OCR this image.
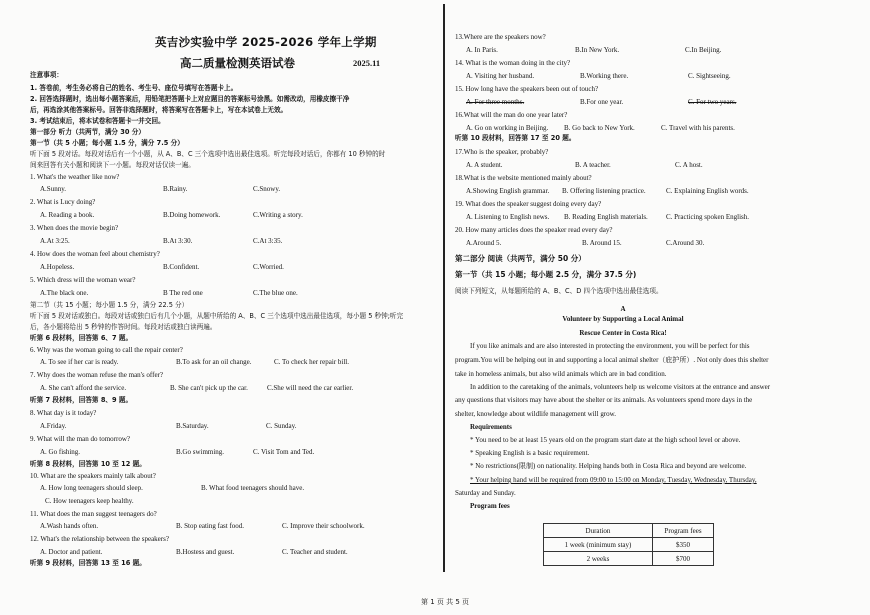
英吉沙实验中学 2025-2026 学年上学期
高二质量检测英语试卷	2025.11
注意事项：
1. 答卷前，考生务必将自己的姓名、考生号、座位号填写在答题卡上。
2. 回答选择题时，选出每小题答案后，用铅笔把答题卡上对应题目的答案标号涂黑。如需改动，用橡皮擦干净
后，再选涂其他答案标号。回答非选择题时，将答案写在答题卡上，写在本试卷上无效。
3. 考试结束后，将本试卷和答题卡一并交回。
第一部分 听力（共两节，满分 30 分）
第一节（共 5 小题；每小题 1.5 分，满分 7.5 分）
听下面 5 段对话。每段对话后有一个小题，从 A、B、C 三个选项中选出最佳选项。听完每段对话后，你都有 10 秒钟的时
间来回答有关小题和阅读下一小题。每段对话仅读一遍。
1. What's the weather like now?
A.Sunny.	B.Rainy.	C.Snowy.
2. What is Lucy doing?
A. Reading a book.	B.Doing homework.	C.Writing a story.
3. When does the movie begin?
A.At 3:25.	B.At 3:30.	C.At 3:35.
4. How does the woman feel about chemistry?
A.Hopeless.	B.Confident.	C.Worried.
5. Which dress will the woman wear?
A.The black one.	B The red one	C.The blue one.
第二节（共 15 小题；每小题 1.5 分，满分 22.5 分）
听下面 5 段对话或独白。每段对话或独白后有几个小题，从题中所给的 A、B、C 三个选项中选出最佳选项，每小题 5 秒钟;听完
后，各小题将给出 5 秒钟的作答时间。每段对话或独白读两遍。
听第 6 段材料，回答第 6、7 题。
6. Why was the woman going to call the repair center?
A. To see if her car is ready.	B.To ask for an oil change.	C. To check her repair bill.
7. Why does the woman refuse the man's offer?
A. She can't afford the service.	B. She can't pick up the car.	C.She will need the car earlier.
听第 7 段材料，回答第 8、9 题。
8. What day is it today?
A.Friday.	B.Saturday.	C. Sunday.
9. What will the man do tomorrow?
A. Go fishing.	B.Go swimming.	C. Visit Tom and Ted.
听第 8 段材料，回答第 10 至 12 题。
10. What are the speakers mainly talk about?
A. How long teenagers should sleep.	B. What food teenagers should have.
C. How teenagers keep healthy.
11. What does the man suggest teenagers do?
A.Wash hands often.	B. Stop eating fast food.	C. Improve their schoolwork.
12. What's the relationship between the speakers?
A. Doctor and patient.	B.Hostess and guest.	C. Teacher and student.
听第 9 段材料，回答第 13 至 16 题。
13.Where are the speakers now?
A. In Paris.	B.In New York.	C.In Beijing.
14. What is the woman doing in the city?
A. Visiting her husband.	B.Working there.	C. Sightseeing.
15. How long have the speakers been out of touch?
A. For three months.	B.For one year.	C. For two years.
16.What will the man do one year later?
A. Go on working in Beijing. B. Go back to New York.	C. Travel with his parents.
听第 10 段材料，回答第 17 至 20 题。
17.Who is the speaker, probably?
A. A student.	B. A teacher.	C. A host.
18.What is the website mentioned mainly about?
A.Showing English grammar. B. Offering listening practice.	C. Explaining English words.
19. What does the speaker suggest doing every day?
A. Listening to English news. B. Reading English materials.	C. Practicing spoken English.
20. How many articles does the speaker read every day?
A.Around 5.	B. Around 15.	C.Around 30.
第二部分 阅读（共两节，满分 50 分）
第一节（共 15 小题；每小题 2.5 分，满分 37.5 分)
阅读下列短文，从每题所给的 A、B、C、D 四个选项中选出最佳选项。
A
Volunteer by Supporting a Local Animal
Rescue Center in Costa Rica!
If you like animals and are also interested in protecting the environment, you will be perfect for this
program.You will be helping out in and supporting a local animal shelter（庇护所）. Not only does this shelter
take in homeless animals, but also wild animals which are in bad condition.
In addition to the caretaking of the animals, volunteers help us welcome visitors at the entrance and answer
any questions that visitors may have about the shelter or its animals. As volunteers spend more days in the
shelter, knowledge about wildlife management will grow.
Requirements
* You need to be at least 15 years old on the program start date at the high school level or above.
* Speaking English is a basic requirement.
* No restrictions(限制) on nationality. Helping hands both in Costa Rica and beyond are welcome.
* Your helping hand will be required from 09:00 to 15:00 on Monday, Tuesday, Wednesday, Thursday,
Saturday and Sunday.
Program fees
Duration	Program fees
1 week (minimum stay)	$350
2 weeks	$700
第 1 页 共 5 页
